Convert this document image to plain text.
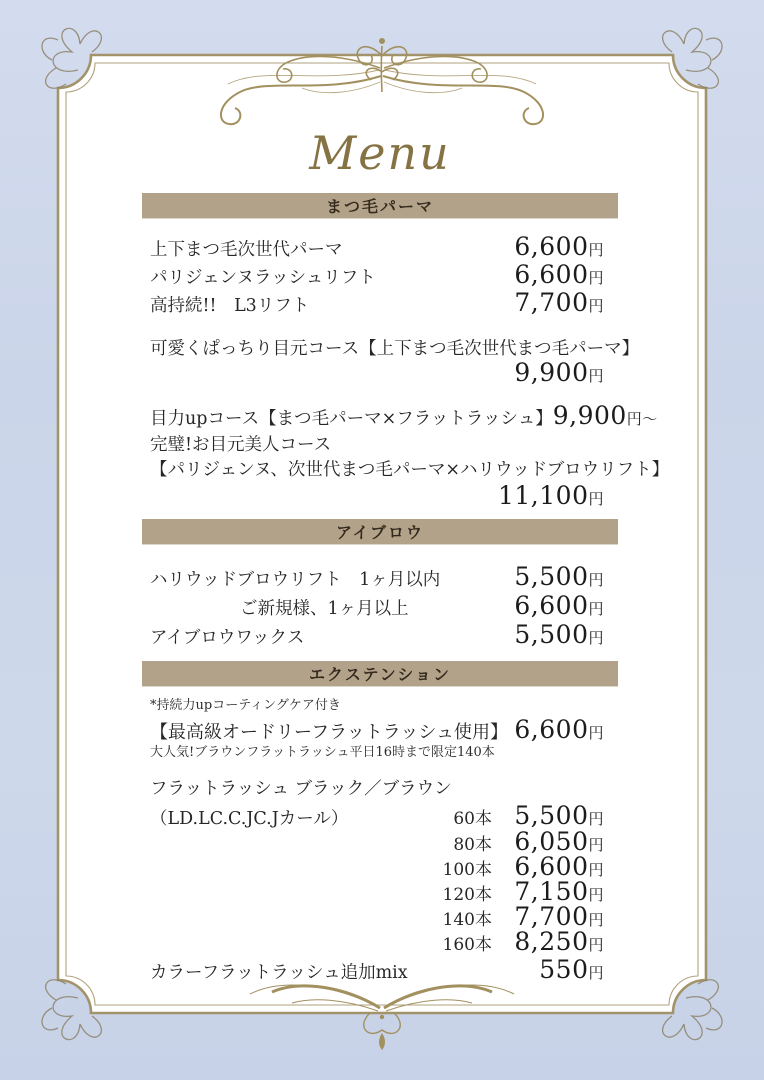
Menu
まつ毛パーマ
上下まつ毛次世代パーマ	6,600円
パリジェンヌラッシュリフト	6,600円
高持続!!　L3リフト	7,700円
可愛くぱっちり目元コース【上下まつ毛次世代まつ毛パーマ】
9,900円
目力upコース【まつ毛パーマ×フラットラッシュ】 9,900円～
完璧!お目元美人コース
【パリジェンヌ、次世代まつ毛パーマ×ハリウッドブロウリフト】
11,100円
アイブロウ
ハリウッドブロウリフト　1ヶ月以内	5,500円
ご新規様、1ヶ月以上	6,600円
アイブロウワックス	5,500円
エクステンション
*持続力upコーティングケア付き
【最高級オードリーフラットラッシュ使用】 6,600円
大人気!ブラウンフラットラッシュ平日16時まで限定140本
フラットラッシュ ブラック／ブラウン
（LD.LC.C.JC.Jカール）	60本 5,500円
80本 6,050円
100本 6,600円
120本 7,150円
140本 7,700円
160本 8,250円
カラーフラットラッシュ追加mix	550円
